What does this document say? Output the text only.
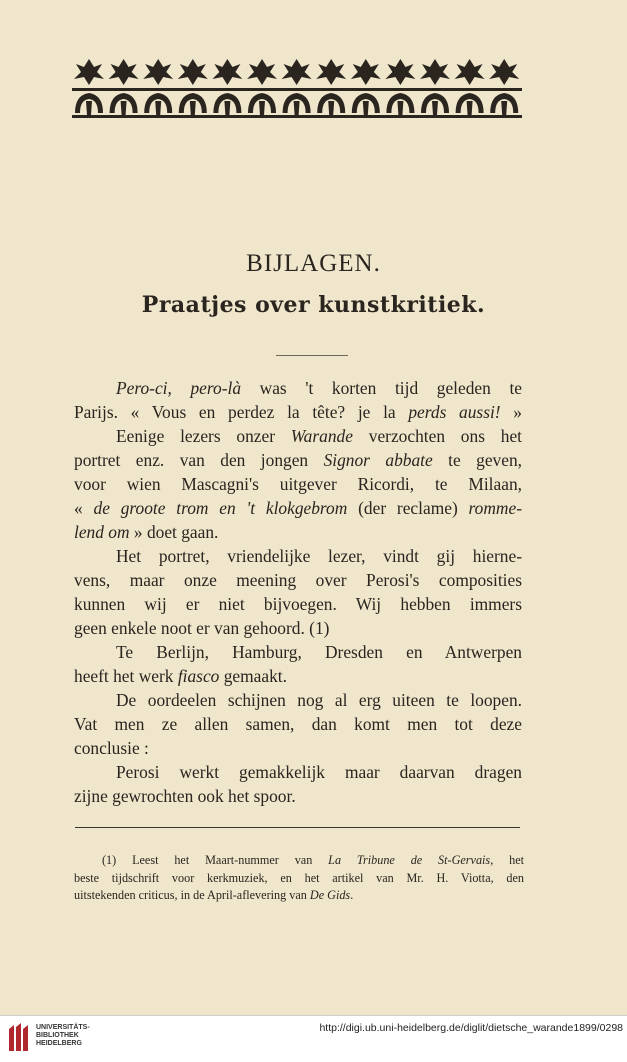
BIJLAGEN.
Praatjes over kunstkritiek.
Pero-ci, pero-là was 't korten tijd geleden te
Parijs. « Vous en perdez la tête? je la perds aussi! »
Eenige lezers onzer Warande verzochten ons het
portret enz. van den jongen Signor abbate te geven,
voor wien Mascagni's uitgever Ricordi, te Milaan,
« de groote trom en 't klokgebrom (der reclame) romme-
lend om » doet gaan.
Het portret, vriendelijke lezer, vindt gij hierne-
vens, maar onze meening over Perosi's composities
kunnen wij er niet bijvoegen. Wij hebben immers
geen enkele noot er van gehoord. (1)
Te Berlijn, Hamburg, Dresden en Antwerpen
heeft het werk fiasco gemaakt.
De oordeelen schijnen nog al erg uiteen te loopen.
Vat men ze allen samen, dan komt men tot deze
conclusie :
Perosi werkt gemakkelijk maar daarvan dragen
zijne gewrochten ook het spoor.
(1) Leest het Maart-nummer van La Tribune de St-Gervais, het
beste tijdschrift voor kerkmuziek, en het artikel van Mr. H. Viotta, den
uitstekenden criticus, in de April-aflevering van De Gids.
UNIVERSITÄTS-
BIBLIOTHEK
HEIDELBERG
http://digi.ub.uni-heidelberg.de/diglit/dietsche_warande1899/0298
